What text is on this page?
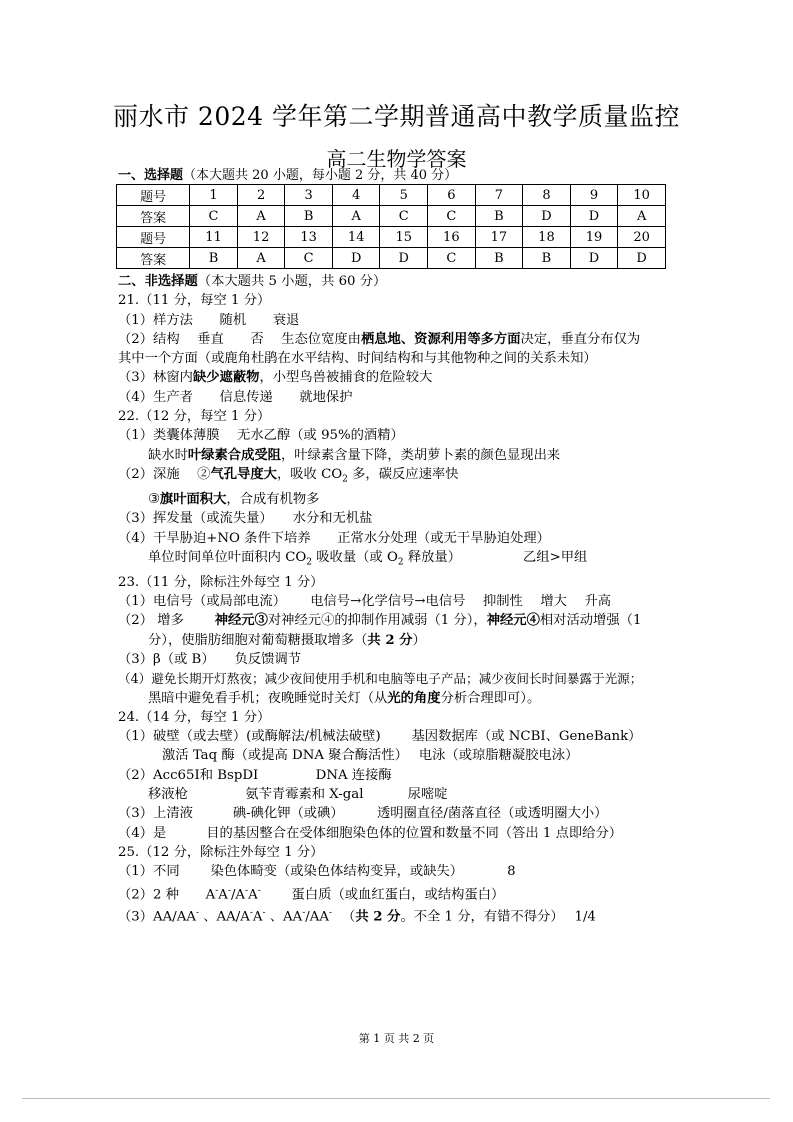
丽水市 2024 学年第二学期普通高中教学质量监控
高二生物学答案
一、选择题（本大题共 20 小题，每小题 2 分，共 40 分）
题号	1	2	3	4	5	6	7	8	9	10
答案	C	A	B	A	C	C	B	D	D	A
题号	11	12	13	14	15	16	17	18	19	20
答案	B	A	C	D	D	C	B	B	D	D
二、非选择题（本大题共 5 小题，共 60 分）
21.（11 分，每空 1 分）
（1）样方法　　随机　　衰退
（2）结构　 垂直　　否　 生态位宽度由栖息地、资源利用等多方面决定，垂直分布仅为
其中一个方面（或鹿角杜鹃在水平结构、时间结构和与其他物种之间的关系未知）
（3）林窗内缺少遮蔽物，小型鸟兽被捕食的危险较大
（4）生产者　　信息传递　　就地保护
22.（12 分，每空 1 分）
（1）类囊体薄膜　 无水乙醇（或 95%的酒精）
缺水时叶绿素合成受阻，叶绿素含量下降，类胡萝卜素的颜色显现出来
（2）深施　 ②气孔导度大，吸收 $CO_2$ 多，碳反应速率快
③旗叶面积大，合成有机物多
（3）挥发量（或流失量）　　水分和无机盐
（4）干旱胁迫+NO 条件下培养　　正常水分处理（或无干旱胁迫处理）
单位时间单位叶面积内 $CO_2$ 吸收量（或 $O_2$ 释放量）	乙组>甲组
23.（11 分，除标注外每空 1 分）
（1）电信号（或局部电流）　　 电信号→化学信号→电信号　 抑制性　 增大　 升高
（2） 增多　　 神经元③对神经元④的抑制作用减弱（1 分），神经元④相对活动增强（1
分），使脂肪细胞对葡萄糖摄取增多（共 2 分）
（3）β（或 B）　　负反馈调节
（4）避免长期开灯熬夜；减少夜间使用手机和电脑等电子产品；减少夜间长时间暴露于光源；
黑暗中避免看手机；夜晚睡觉时关灯（从光的角度分析合理即可）。
24.（14 分，每空 1 分）
（1）破壁（或去壁）(或酶解法/机械法破壁)　　 基因数据库（或 NCBI、GeneBank）
激活 Taq 酶（或提高 DNA 聚合酶活性）　 电泳（或琼脂糖凝胶电泳）
（2）Acc65Ⅰ和 BspDⅠ　　　　 DNA 连接酶
移液枪　　　　 氨苄青霉素和 X-gal　　　 尿嘧啶
（3）上清液　　　碘-碘化钾（或碘）　　　透明圈直径/菌落直径（或透明圈大小）
（4）是　　　目的基因整合在受体细胞染色体的位置和数量不同（答出 1 点即给分）
25.（12 分，除标注外每空 1 分）
（1）不同　　 染色体畸变（或染色体结构变异，或缺失）	8
（2）2 种　　A-A-/A-A-　　 蛋白质（或血红蛋白，或结构蛋白）
（3）AA/AA- 、AA/A-A- 、AA-/AA- （共 2 分。不全 1 分，有错不得分）　 1/4
第 1 页 共 2 页
